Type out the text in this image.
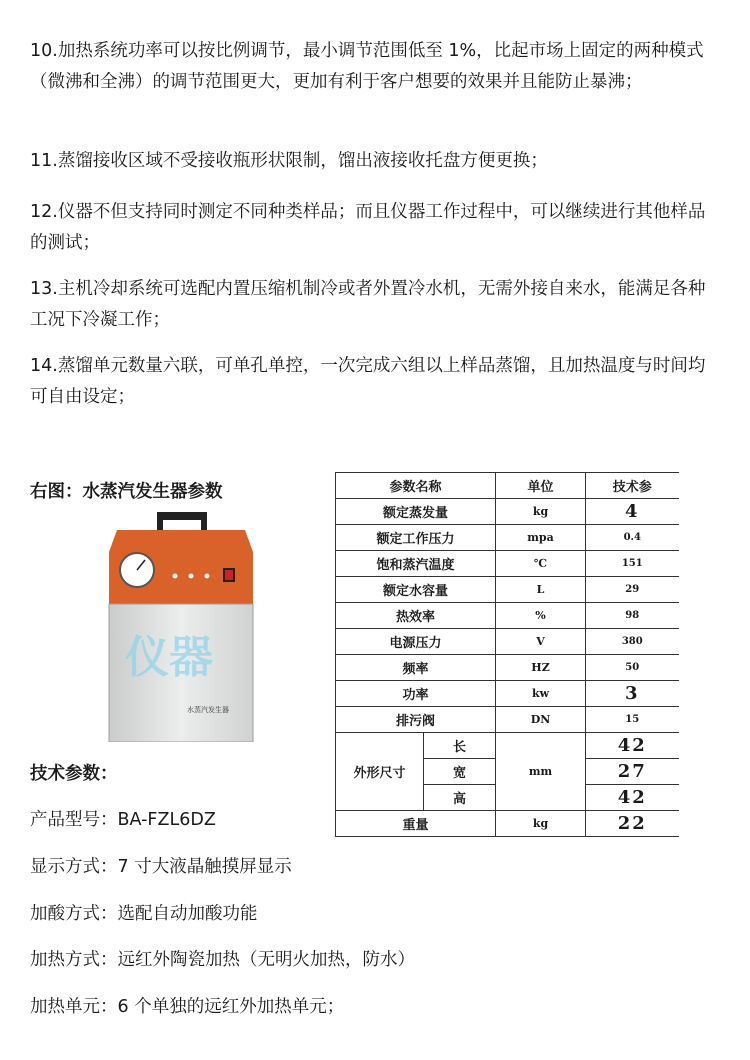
10.加热系统功率可以按比例调节，最小调节范围低至 1%，比起市场上固定的两种模式（微沸和全沸）的调节范围更大，更加有利于客户想要的效果并且能防止暴沸；

11.蒸馏接收区域不受接收瓶形状限制，馏出液接收托盘方便更换；

12.仪器不但支持同时测定不同种类样品；而且仪器工作过程中，可以继续进行其他样品的测试；

13.主机冷却系统可选配内置压缩机制冷或者外置冷水机，无需外接自来水，能满足各种工况下冷凝工作；

14.蒸馏单元数量六联，可单孔单控，一次完成六组以上样品蒸馏，且加热温度与时间均可自由设定；

右图：水蒸汽发生器参数

仪器
水蒸汽发生器
参数名称		单位	技术参
额定蒸发量		kg	4
额定工作压力		mpa	0.4
饱和蒸汽温度		℃	151
额定水容量		L	29
热效率		%	98
电源压力		V	380
频率		HZ	50
功率		kw	3
排污阀		DN	15
外形尺寸	长	mm	42
	宽		27
	高		42
重量		kg	22

技术参数：

产品型号：BA-FZL6DZ

显示方式：7 寸大液晶触摸屏显示

加酸方式：选配自动加酸功能

加热方式：远红外陶瓷加热（无明火加热，防水）

加热单元：6 个单独的远红外加热单元；
